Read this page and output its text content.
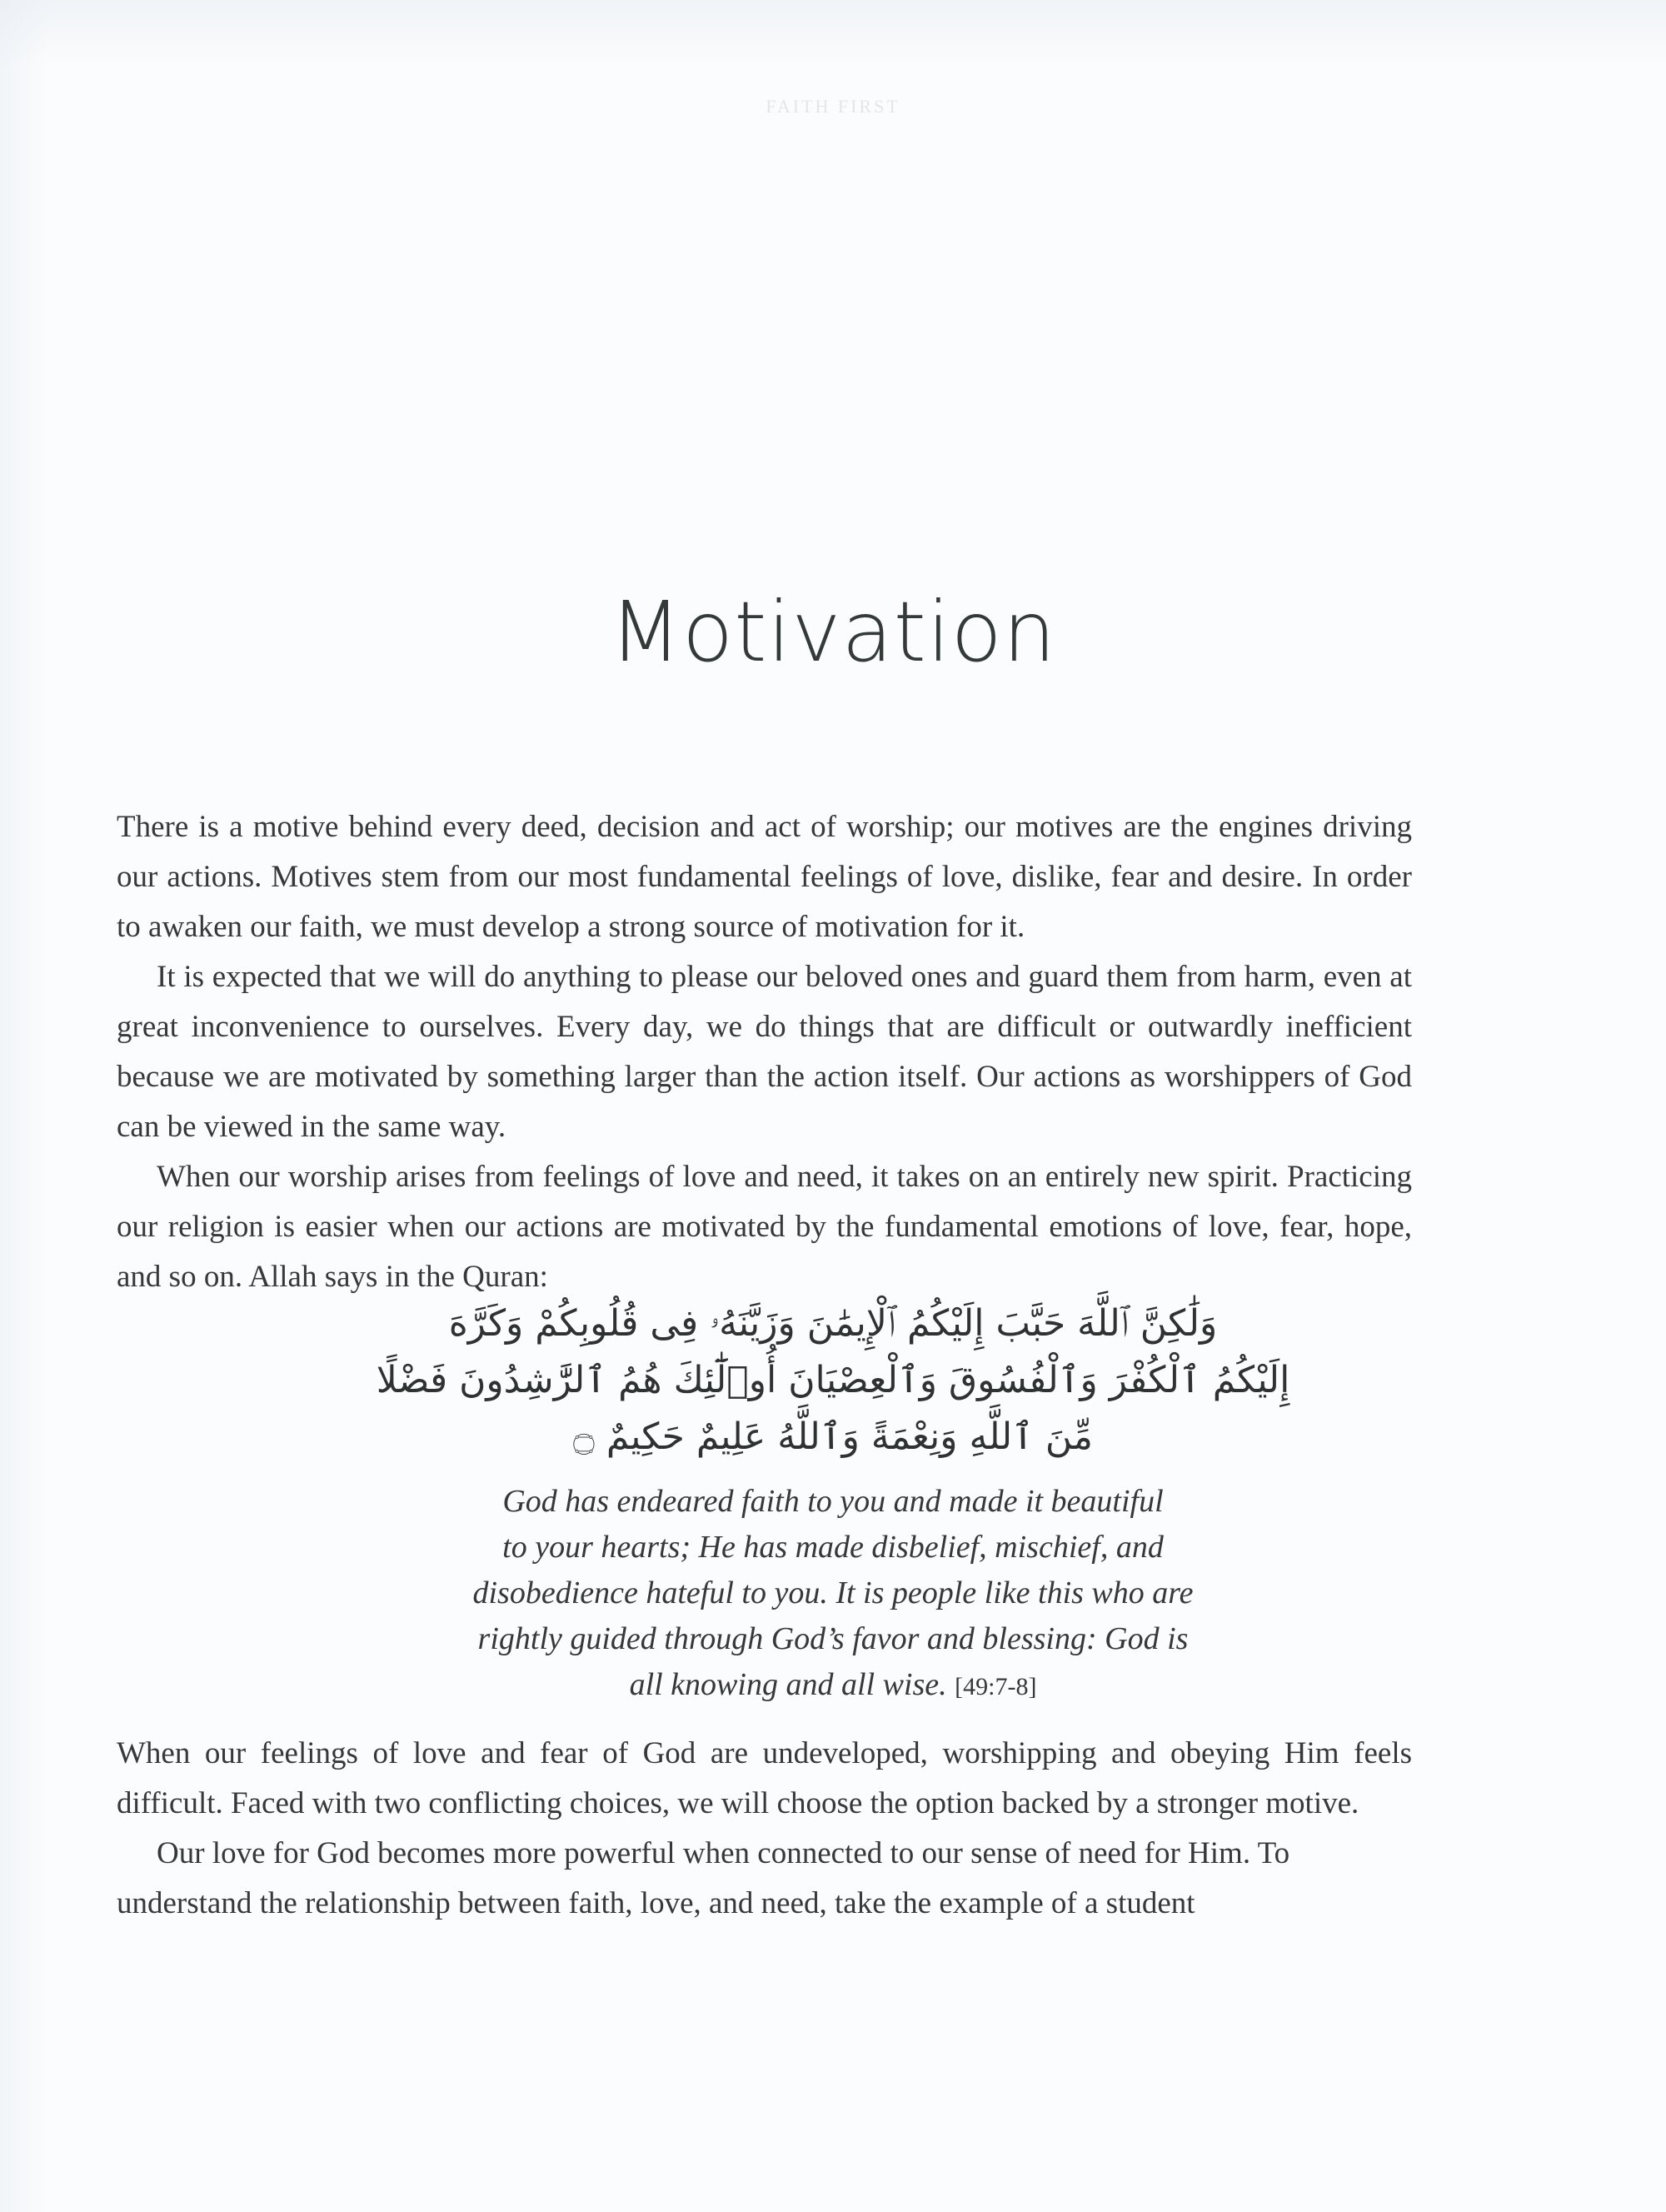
FAITH FIRST
Motivation

There is a motive behind every deed, decision and act of worship; our motives are the engines driving our actions. Motives stem from our most fundamental feelings of love, dislike, fear and desire. In order to awaken our faith, we must develop a strong source of motivation for it.

It is expected that we will do anything to please our beloved ones and guard them from harm, even at great inconvenience to ourselves. Every day, we do things that are difficult or outwardly inefficient because we are motivated by something larger than the action itself. Our actions as worshippers of God can be viewed in the same way.

When our worship arises from feelings of love and need, it takes on an entirely new spirit. Practicing our religion is easier when our actions are motivated by the fundamental emotions of love, fear, hope, and so on. Allah says in the Quran:

وَلَٰكِنَّ ٱللَّهَ حَبَّبَ إِلَيْكُمُ ٱلْإِيمَٰنَ وَزَيَّنَهُۥ فِى قُلُوبِكُمْ وَكَرَّهَ
إِلَيْكُمُ ٱلْكُفْرَ وَٱلْفُسُوقَ وَٱلْعِصْيَانَ أُو۟لَٰٓئِكَ هُمُ ٱلرَّٰشِدُونَ فَضْلًا
مِّنَ ٱللَّهِ وَنِعْمَةً وَٱللَّهُ عَلِيمٌ حَكِيمٌ ۝
God has endeared faith to you and made it beautiful
to your hearts; He has made disbelief, mischief, and
disobedience hateful to you. It is people like this who are
rightly guided through God’s favor and blessing: God is
all knowing and all wise. [49:7-8]

When our feelings of love and fear of God are undeveloped, worshipping and obeying Him feels difficult. Faced with two conflicting choices, we will choose the option backed by a stronger motive.

Our love for God becomes more powerful when connected to our sense of need for Him. To understand the relationship between faith, love, and need, take the example of a student
